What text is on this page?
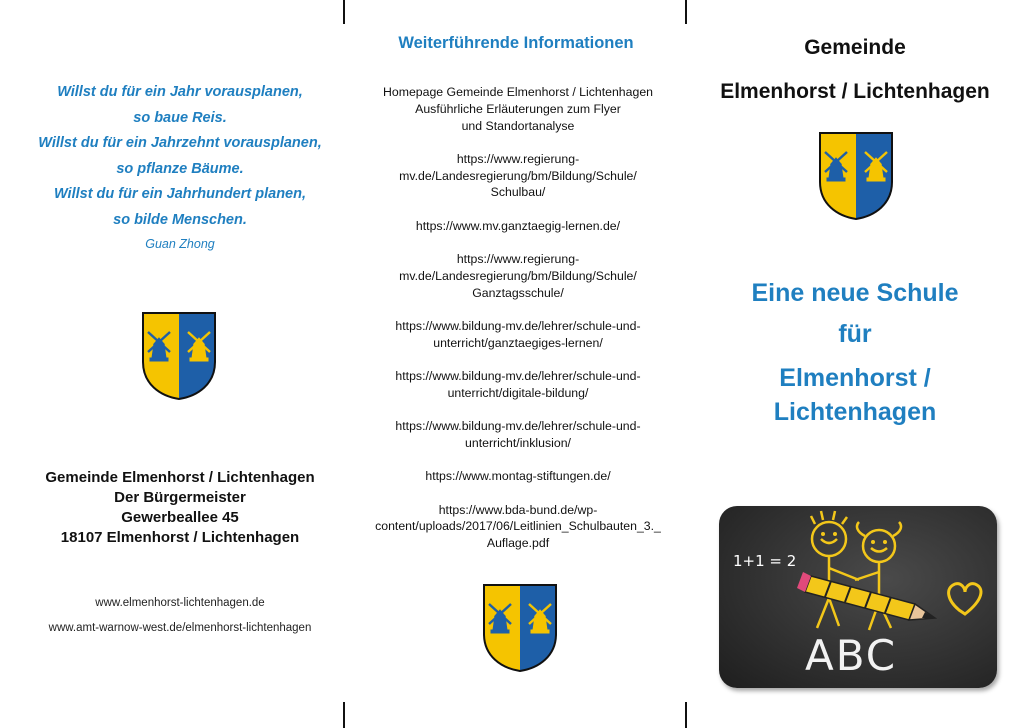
Willst du für ein Jahr vorausplanen,
so baue Reis.
Willst du für ein Jahrzehnt vorausplanen,
so pflanze Bäume.
Willst du für ein Jahrhundert planen,
so bilde Menschen.
Guan Zhong
Gemeinde Elmenhorst / Lichtenhagen
Der Bürgermeister
Gewerbeallee 45
18107 Elmenhorst / Lichtenhagen
www.elmenhorst-lichtenhagen.de
www.amt-warnow-west.de/elmenhorst-lichtenhagen
Weiterführende Informationen

Homepage Gemeinde Elmenhorst / Lichtenhagen
Ausführliche Erläuterungen zum Flyer
und Standortanalyse

https://www.regierung-
mv.de/Landesregierung/bm/Bildung/Schule/
Schulbau/

https://www.mv.ganztaegig-lernen.de/

https://www.regierung-
mv.de/Landesregierung/bm/Bildung/Schule/
Ganztagsschule/

https://www.bildung-mv.de/lehrer/schule-und-
unterricht/ganztaegiges-lernen/

https://www.bildung-mv.de/lehrer/schule-und-
unterricht/digitale-bildung/

https://www.bildung-mv.de/lehrer/schule-und-
unterricht/inklusion/

https://www.montag-stiftungen.de/

https://www.bda-bund.de/wp-
content/uploads/2017/06/Leitlinien_Schulbauten_3._
Auflage.pdf

Gemeinde
Elmenhorst / Lichtenhagen
Eine neue Schule
für
Elmenhorst /
Lichtenhagen
1+1 = 2
ABC
